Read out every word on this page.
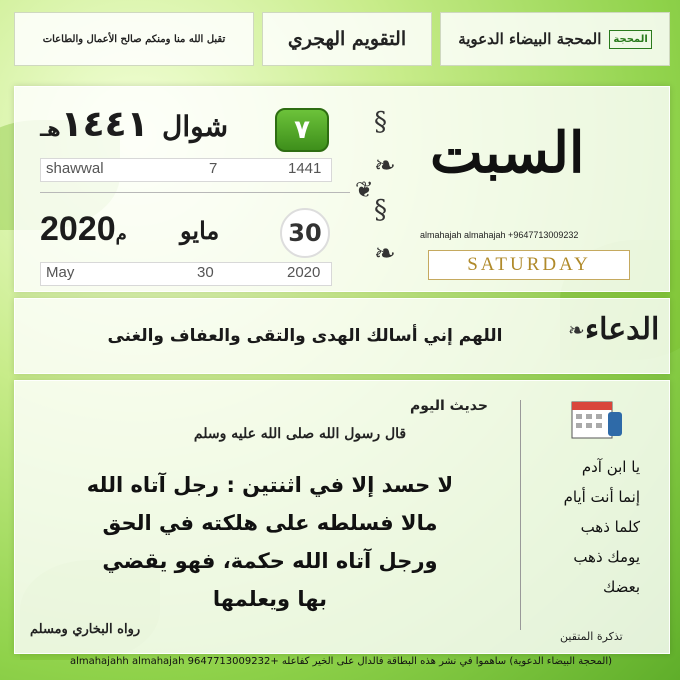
المحجة البيضاء الدعوية	المحجة
التقويم الهجري
تقبل الله منا ومنكم صالح الأعمال والطاعات
٧
شوال
١٤٤١هـ
shawwal	7	1441
❦
§
❧
§
❧
30
مايو
2020م
May	30	2020
السبت
almahajah almahajah +9647713009232
SATURDAY
الدعاء
❧
اللهم إني أسالك الهدى والتقى والعفاف والغنى
حديث اليوم
قال رسول الله صلى الله عليه وسلم
لا حسد إلا في اثنتين : رجل آتاه الله
مالا فسلطه على هلكته في الحق
ورجل آتاه الله حكمة، فهو يقضي
بها ويعلمها
رواه البخاري ومسلم
يا ابن آدم
إنما أنت أيام
كلما ذهب
يومك ذهب
بعضك
تذكرة المتقين
(المحجة البيضاء الدعوية) ساهموا في نشر هذه البطاقة فالدال على الخير كفاعله +9647713009232 almahajahh almahajah
